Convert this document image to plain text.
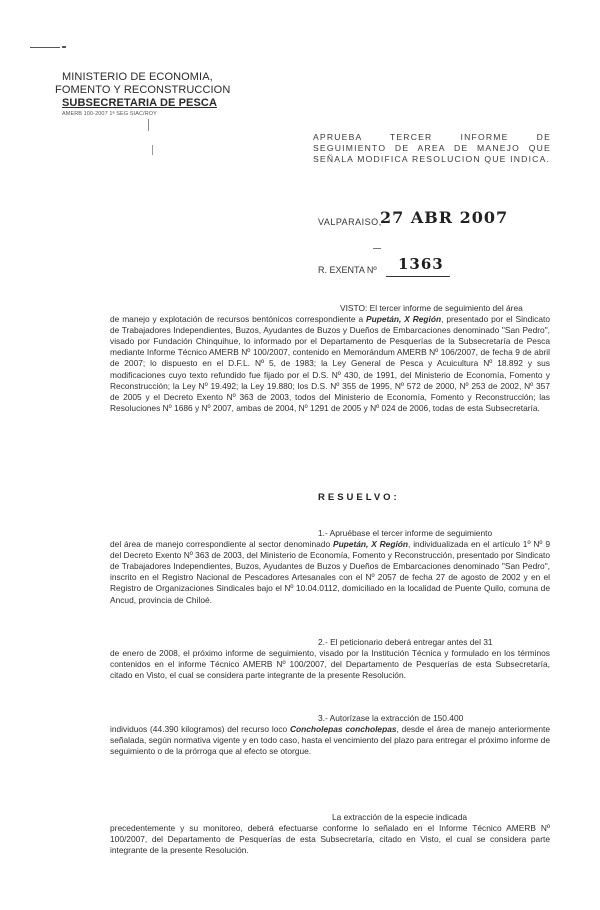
MINISTERIO DE ECONOMIA,
FOMENTO Y RECONSTRUCCION
SUBSECRETARIA DE PESCA
AMERB 100-2007 1ª SEG SIAC/ROY
APRUEBA TERCER INFORME DE SEGUIMIENTO DE AREA DE MANEJO QUE SEÑALA MODIFICA RESOLUCION QUE INDICA.
VALPARAISO,
27 ABR 2007
R. EXENTA Nº 1363
VISTO: El tercer informe de seguimiento del área
de manejo y explotación de recursos bentónicos correspondiente a Pupetán, X Región, presentado por el Sindicato de Trabajadores Independientes, Buzos, Ayudantes de Buzos y Dueños de Embarcaciones denominado "San Pedro", visado por Fundación Chinquihue, lo informado por el Departamento de Pesquerías de la Subsecretaría de Pesca mediante Informe Técnico AMERB Nº 100/2007, contenido en Memorándum AMERB Nº 106/2007, de fecha 9 de abril de 2007; lo dispuesto en el D.F.L. Nº 5, de 1983; la Ley General de Pesca y Acuicultura Nº 18.892 y sus modificaciones cuyo texto refundido fue fijado por el D.S. Nº 430, de 1991, del Ministerio de Economía, Fomento y Reconstrucción; la Ley Nº 19.492; la Ley 19.880; los D.S. Nº 355 de 1995, Nº 572 de 2000, Nº 253 de 2002, Nº 357 de 2005 y el Decreto Exento Nº 363 de 2003, todos del Ministerio de Economía, Fomento y Reconstrucción; las Resoluciones Nº 1686 y Nº 2007, ambas de 2004, Nº 1291 de 2005 y Nº 024 de 2006, todas de esta Subsecretaría.
RESUELVO:
1.- Apruébase el tercer informe de seguimiento
del área de manejo correspondiente al sector denominado Pupetán, X Región, individualizada en el artículo 1º Nº 9 del Decreto Exento Nº 363 de 2003, del Ministerio de Economía, Fomento y Reconstrucción, presentado por Sindicato de Trabajadores Independientes, Buzos, Ayudantes de Buzos y Dueños de Embarcaciones denominado "San Pedro", inscrito en el Registro Nacional de Pescadores Artesanales con el Nº 2057 de fecha 27 de agosto de 2002 y en el Registro de Organizaciones Sindicales bajo el Nº 10.04.0112, domiciliado en la localidad de Puente Quilo, comuna de Ancud, provincia de Chiloé.
2.- El peticionario deberá entregar antes del 31
de enero de 2008, el próximo informe de seguimiento, visado por la Institución Técnica y formulado en los términos contenidos en el informe Técnico AMERB Nº 100/2007, del Departamento de Pesquerías de esta Subsecretaría, citado en Visto, el cual se considera parte integrante de la presente Resolución.
3.- Autorízase la extracción de 150.400
individuos (44.390 kilogramos) del recurso loco Concholepas concholepas, desde el área de manejo anteriormente señalada, según normativa vigente y en todo caso, hasta el vencimiento del plazo para entregar el próximo informe de seguimiento o de la prórroga que al efecto se otorgue.
La extracción de la especie indicada
precedentemente y su monitoreo, deberá efectuarse conforme lo señalado en el Informe Técnico AMERB Nº 100/2007, del Departamento de Pesquerías de esta Subsecretaría, citado en Visto, el cual se considera parte integrante de la presente Resolución.
